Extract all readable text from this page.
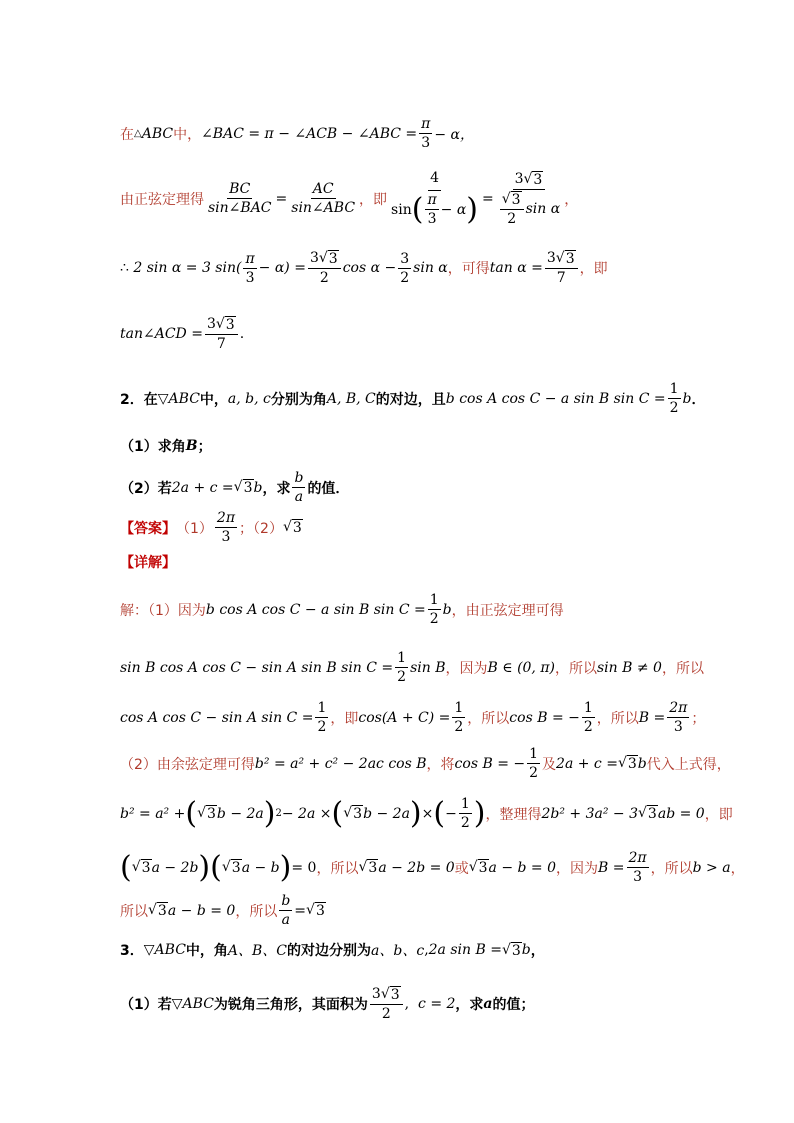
在 △ ABC 中， ∠BAC = π − ∠ACB − ∠ABC = $\frac{\pi}{3} - \alpha$，
由正弦定理得 $\frac{BC}{\text{sin∠BAC}} = \frac{AC}{\text{sin∠ABC}}$ ，即 $\frac{4}{\sin ( \frac{\pi}{3} - \alpha )} = \frac{3 √ 3}{\frac{√ 3}{2} \sin \alpha}$ ，
∴
2 sin α = 3 $\sin( \frac{\pi}{3} - \alpha) = \frac{3 √ 3}{2}$ $\cos \alpha - \frac{3}{2}$ sin α ，可得 $\tan \alpha = \frac{3 √ 3}{7}$ ，即
tan∠ACD = $\frac{3 √ 3}{7}$ .
2．在 ▽ ABC 中， a, b, c 分别为角 A, B, C 的对边，且 b cos A cos C − a sin B $\sin C = \frac{1}{2}$ b ．
（1）求角 B ；
（2）若 2a + c = √ 3 b ，求 $\frac{b}{a}$ 的值．
【答案】 $(1) \frac{2\pi}{3}$ ；（2） √ 3
【详解】
解：（1）因为 b cos A cos C − a sin B $\sin C = \frac{1}{2}$ b ，由正弦定理可得
sin B cos A cos C − sin A sin B $\sin C = \frac{1}{2}$ sin B ，因为 B ∈ (0, π) ，所以 sin B ≠ 0 ，所以
cos A cos C − sin A $\sin C = \frac{1}{2}$ ，即 $\cos(A + C) = \frac{1}{2}$ ，所以 cos B = − $\frac{1}{2}$ ，所以 $B = \frac{2\pi}{3}$ ；
（2）由余弦定理可得 b² = a² + c² − 2ac cos B ，将 cos B = − $\frac{1}{2}$ 及 2a + c = √ 3 b 代入上式得，
b² = a² + ( √ 3 b − 2a ) 2 − 2a × ( √ 3 b − 2a ) × ( − $\frac{1}{2}$ ) ，整理得 2b² + 3a² − 3 √ 3 ab = 0 ，即
( √ 3 a − 2b ) ( √ 3 a − b ) = 0 ，所以 √ 3 a − 2b = 0 或 √ 3 a − b = 0 ，因为 $B = \frac{2\pi}{3}$ ，所以 b > a ，
所以 √ 3 a − b = 0 ，所以 $\frac{b}{a}$ = √ 3
3． ▽ ABC 中，角 A、B、C 的对边分别为 a、b、c , 2a sin B = √ 3 b ，
（1）若 ▽ ABC 为锐角三角形，其面积为 $\frac{3 √ 3}{2}$ ,
c = 2 ，求 a 的值；
